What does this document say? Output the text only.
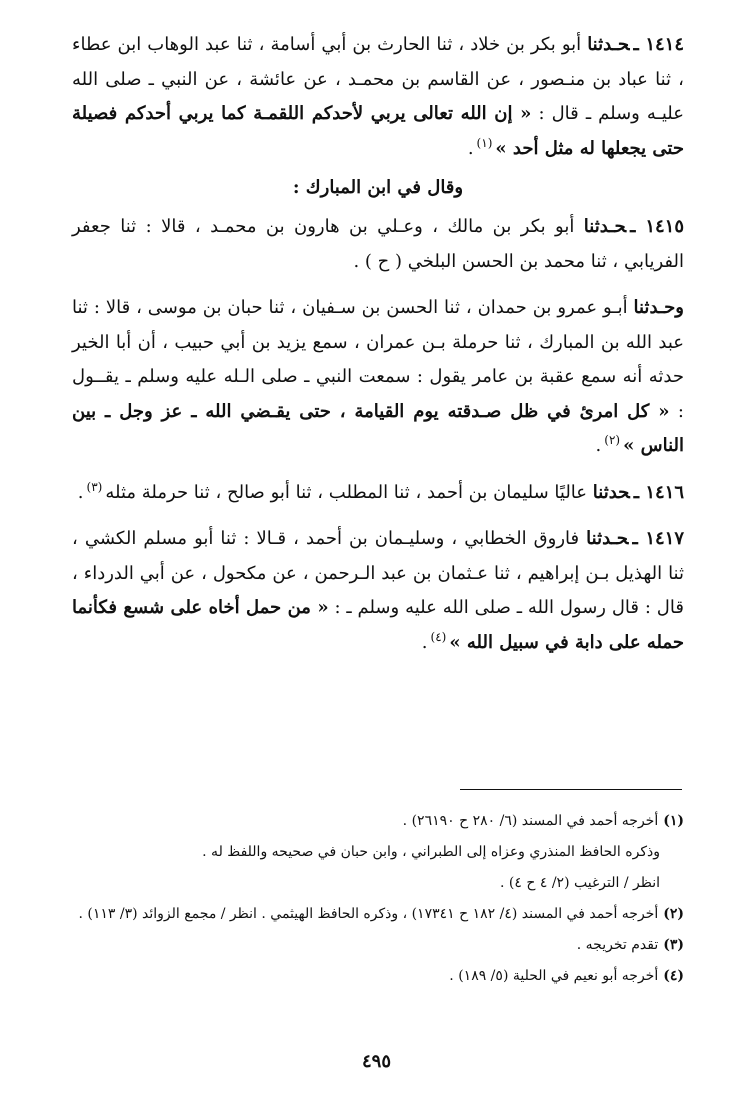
١٤١٤ ـحـدثنا أبو بكر بن خلاد ، ثنا الحارث بن أبي أسامة ، ثنا عبد الوهاب ابن عطاء ، ثنا عباد بن منـصور ، عن القاسم بن محمـد ، عن عائشة ، عن النبي ـ صلى الله عليـه وسلم ـ قال : « إن الله تعالى يربي لأحدكم اللقمـة كما يربي أحدكم فصيلة حتى يجعلها له مثل أحد »$^{(١)}$.

وقال في ابن المبارك :

١٤١٥ ـحـدثنا أبو بكر بن مالك ، وعـلي بن هارون بن محمـد ، قالا : ثنا جعفر الفريابي ، ثنا محمد بن الحسن البلخي ( ح ) .

وحـدثنا أبـو عمرو بن حمدان ، ثنا الحسن بن سـفيان ، ثنا حبان بن موسى ، قالا : ثنا عبد الله بن المبارك ، ثنا حرملة بـن عمران ، سمع يزيد بن أبي حبيب ، أن أبا الخير حدثه أنه سمع عقبة بن عامر يقول : سمعت النبي ـ صلى الـله عليه وسلم ـ يقــول : « كل امرئ في ظل صـدقته يوم القيامة ، حتى يقـضي الله ـ عز وجل ـ بين الناس »$^{(٢)}$.

١٤١٦ ـحدثنا عاليًا سليمان بن أحمد ، ثنا المطلب ، ثنا أبو صالح ، ثنا حرملة مثله$^{(٣)}$.

١٤١٧ ـحـدثنا فاروق الخطابي ، وسليـمان بن أحمد ، قـالا : ثنا أبو مسلم الكشي ، ثنا الهذيل بـن إبراهيم ، ثنا عـثمان بن عبد الـرحمن ، عن مكحول ، عن أبي الدرداء ، قال : قال رسول الله ـ صلى الله عليه وسلم ـ : « من حمل أخاه على شسع فكأنما حمله على دابة في سبيل الله »$^{(٤)}$.

(١)أخرجه أحمد في المسند (٦/ ٢٨٠ ح ٢٦١٩٠) .

وذكره الحافظ المنذري وعزاه إلى الطبراني ، وابن حبان في صحيحه واللفظ له .

انظر / الترغيب (٢/ ٤ ح ٤) .

(٢)أخرجه أحمد في المسند (٤/ ١٨٢ ح ١٧٣٤١) ، وذكره الحافظ الهيثمي . انظر / مجمع الزوائد (٣/ ١١٣) .

(٣)تقدم تخريجه .

(٤)أخرجه أبو نعيم في الحلية (٥/ ١٨٩) .

٤٩٥
